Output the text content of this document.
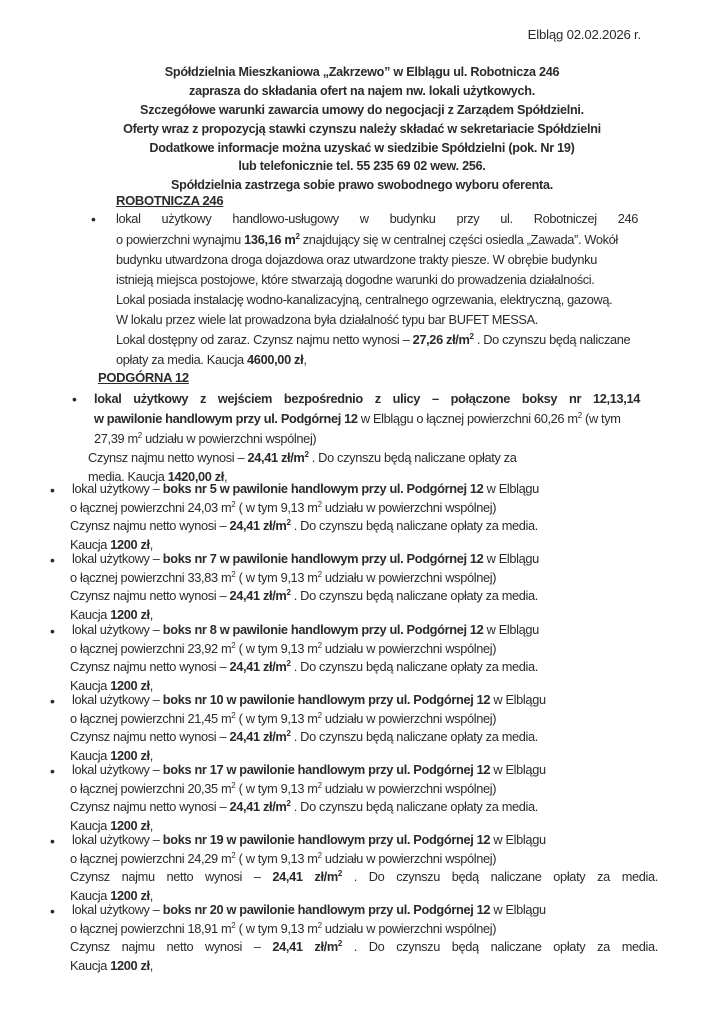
Elbląg 02.02.2026 r.
Spółdzielnia Mieszkaniowa „Zakrzewo” w Elblągu ul. Robotnicza 246
zaprasza do składania ofert na najem nw. lokali użytkowych.
Szczegółowe warunki zawarcia umowy do negocjacji z Zarządem Spółdzielni.
Oferty wraz z propozycją stawki czynszu należy składać w sekretariacie Spółdzielni
Dodatkowe informacje można uzyskać w siedzibie Spółdzielni (pok. Nr 19)
lub telefonicznie tel. 55 235 69 02 wew. 256.
Spółdzielnia zastrzega sobie prawo swobodnego wyboru oferenta.
ROBOTNICZA 246
• lokal użytkowy handlowo-usługowy w budynku przy ul. Robotniczej 246
o powierzchni wynajmu 136,16 $m^2$ znajdujący się w centralnej części osiedla „Zawada”. Wokół
budynku utwardzona droga dojazdowa oraz utwardzone trakty piesze. W obrębie budynku
istnieją miejsca postojowe, które stwarzają dogodne warunki do prowadzenia działalności.
Lokal posiada instalację wodno-kanalizacyjną, centralnego ogrzewania, elektryczną, gazową.
W lokalu przez wiele lat prowadzona była działalność typu bar BUFET MESSA.
Lokal dostępny od zaraz. Czynsz najmu netto wynosi – 27,26 $zł/m^2$ . Do czynszu będą naliczane
opłaty za media. Kaucja 4600,00 zł,
PODGÓRNA 12
• lokal użytkowy z wejściem bezpośrednio z ulicy – połączone boksy nr 12,13,14
w pawilonie handlowym przy ul. Podgórnej 12 w Elblągu o łącznej powierzchni 60,26 $m^2$ (w tym
27,39 $m^2$ udziału w powierzchni wspólnej)
Czynsz najmu netto wynosi – 24,41 $zł/m^2$ . Do czynszu będą naliczane opłaty za
media. Kaucja 1420,00 zł,
• lokal użytkowy – boks nr 5 w pawilonie handlowym przy ul. Podgórnej 12 w Elblągu
o łącznej powierzchni 24,03 $m^2$ ( w tym 9,13 $m^2$ udziału w powierzchni wspólnej)
Czynsz najmu netto wynosi – 24,41 $zł/m^2$ . Do czynszu będą naliczane opłaty za media.
Kaucja 1200 zł,
• lokal użytkowy – boks nr 7 w pawilonie handlowym przy ul. Podgórnej 12 w Elblągu
o łącznej powierzchni 33,83 $m^2$ ( w tym 9,13 $m^2$ udziału w powierzchni wspólnej)
Czynsz najmu netto wynosi – 24,41 $zł/m^2$ . Do czynszu będą naliczane opłaty za media.
Kaucja 1200 zł,
• lokal użytkowy – boks nr 8 w pawilonie handlowym przy ul. Podgórnej 12 w Elblągu
o łącznej powierzchni 23,92 $m^2$ ( w tym 9,13 $m^2$ udziału w powierzchni wspólnej)
Czynsz najmu netto wynosi – 24,41 $zł/m^2$ . Do czynszu będą naliczane opłaty za media.
Kaucja 1200 zł,
• lokal użytkowy – boks nr 10 w pawilonie handlowym przy ul. Podgórnej 12 w Elblągu
o łącznej powierzchni 21,45 $m^2$ ( w tym 9,13 $m^2$ udziału w powierzchni wspólnej)
Czynsz najmu netto wynosi – 24,41 $zł/m^2$ . Do czynszu będą naliczane opłaty za media.
Kaucja 1200 zł,
• lokal użytkowy – boks nr 17 w pawilonie handlowym przy ul. Podgórnej 12 w Elblągu
o łącznej powierzchni 20,35 $m^2$ ( w tym 9,13 $m^2$ udziału w powierzchni wspólnej)
Czynsz najmu netto wynosi – 24,41 $zł/m^2$ . Do czynszu będą naliczane opłaty za media.
Kaucja 1200 zł,
• lokal użytkowy – boks nr 19 w pawilonie handlowym przy ul. Podgórnej 12 w Elblągu
o łącznej powierzchni 24,29 $m^2$ ( w tym 9,13 $m^2$ udziału w powierzchni wspólnej)
Czynsz najmu netto wynosi – 24,41 $zł/m^2$ . Do czynszu będą naliczane opłaty za media.
Kaucja 1200 zł,
• lokal użytkowy – boks nr 20 w pawilonie handlowym przy ul. Podgórnej 12 w Elblągu
o łącznej powierzchni 18,91 $m^2$ ( w tym 9,13 $m^2$ udziału w powierzchni wspólnej)
Czynsz najmu netto wynosi – 24,41 $zł/m^2$ . Do czynszu będą naliczane opłaty za media.
Kaucja 1200 zł,
